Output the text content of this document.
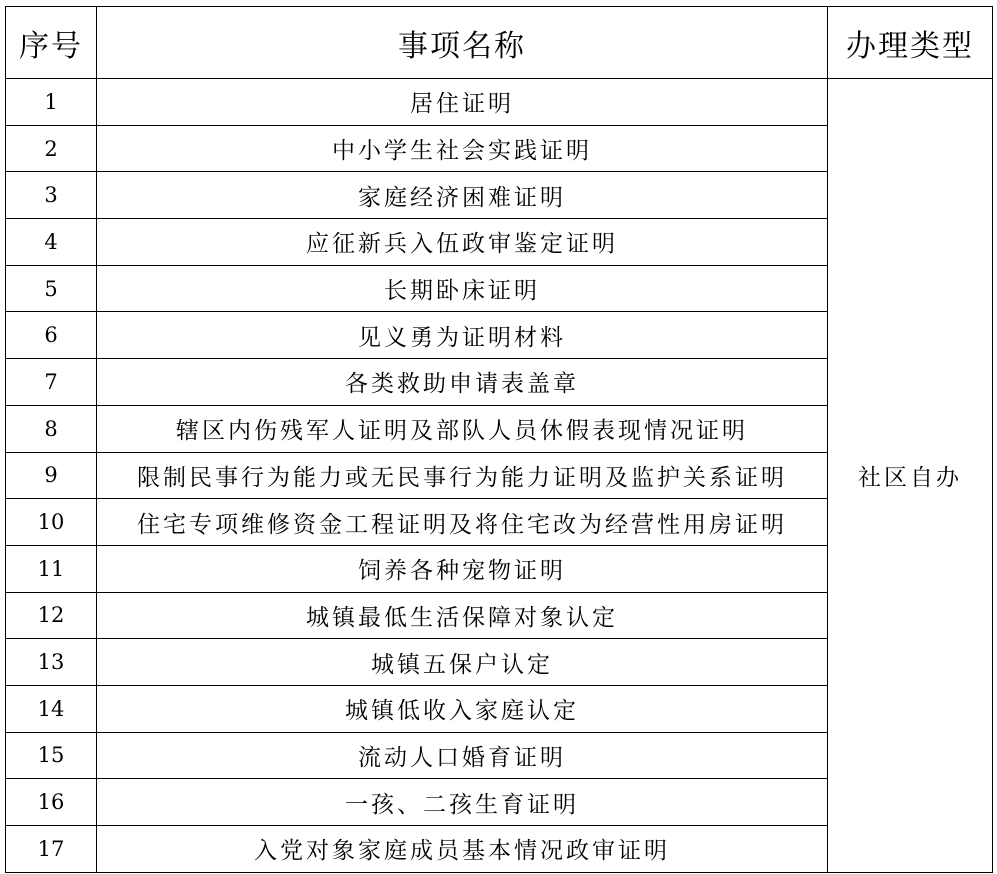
序号	事项名称	办理类型
1	居住证明	社区自办
2	中小学生社会实践证明	
3	家庭经济困难证明	
4	应征新兵入伍政审鉴定证明	
5	长期卧床证明	
6	见义勇为证明材料	
7	各类救助申请表盖章	
8	辖区内伤残军人证明及部队人员休假表现情况证明	
9	限制民事行为能力或无民事行为能力证明及监护关系证明	
10	住宅专项维修资金工程证明及将住宅改为经营性用房证明	
11	饲养各种宠物证明	
12	城镇最低生活保障对象认定	
13	城镇五保户认定	
14	城镇低收入家庭认定	
15	流动人口婚育证明	
16	一孩、二孩生育证明	
17	入党对象家庭成员基本情况政审证明	
